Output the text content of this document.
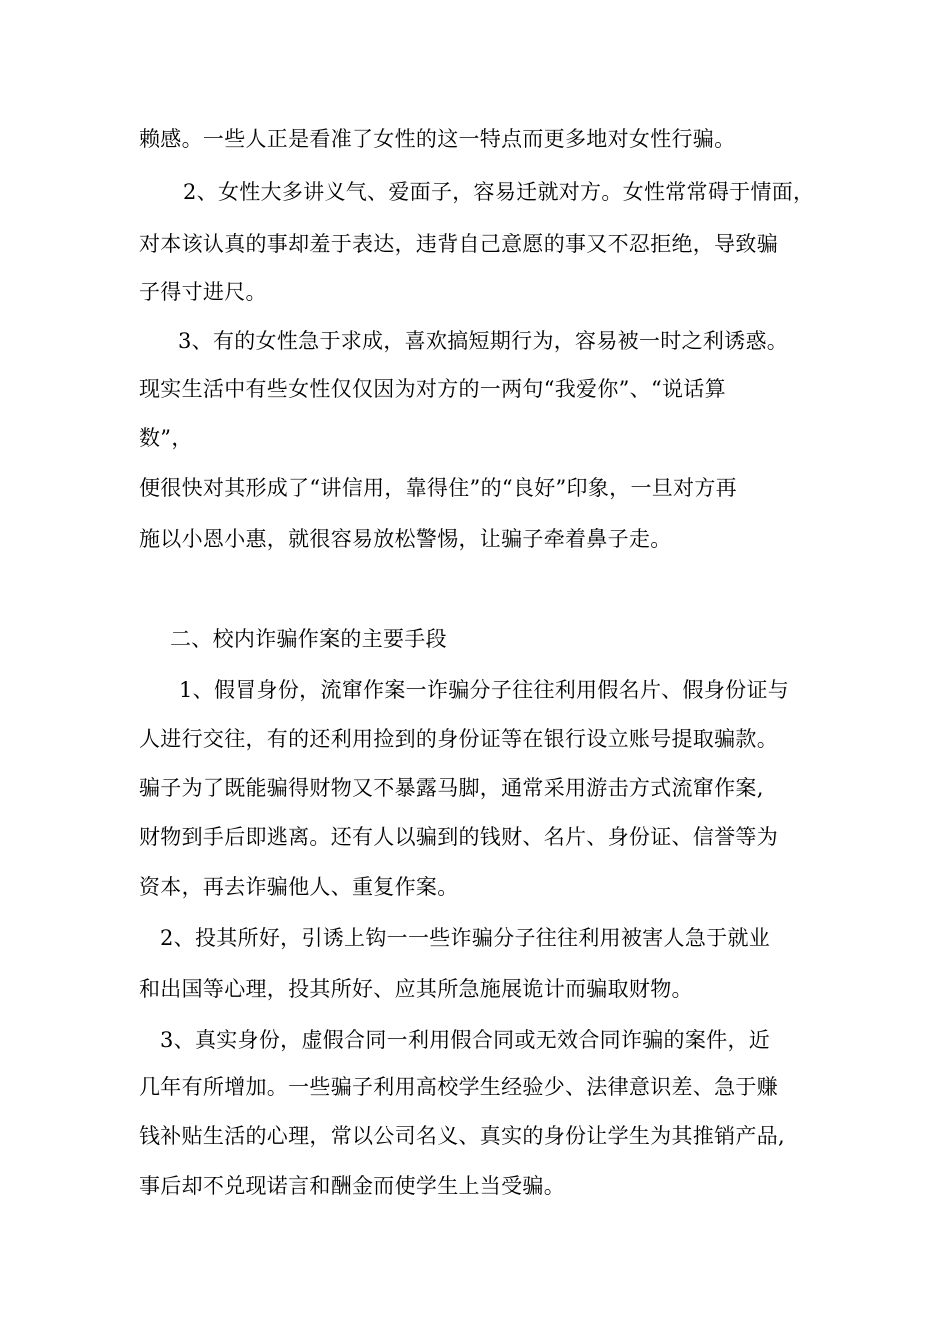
赖感。一些人正是看准了女性的这一特点而更多地对女性行骗。
2、女性大多讲义气、爱面子，容易迁就对方。女性常常碍于情面，
对本该认真的事却羞于表达，违背自己意愿的事又不忍拒绝，导致骗
子得寸进尺。
3、有的女性急于求成，喜欢搞短期行为，容易被一时之利诱惑。
现实生活中有些女性仅仅因为对方的一两句“我爱你”、“说话算
数”，
便很快对其形成了“讲信用，靠得住”的“良好”印象，一旦对方再
施以小恩小惠，就很容易放松警惕，让骗子牵着鼻子走。
二、校内诈骗作案的主要手段
1、假冒身份，流窜作案一诈骗分子往往利用假名片、假身份证与
人进行交往，有的还利用捡到的身份证等在银行设立账号提取骗款。
骗子为了既能骗得财物又不暴露马脚，通常采用游击方式流窜作案,
财物到手后即逃离。还有人以骗到的钱财、名片、身份证、信誉等为
资本，再去诈骗他人、重复作案。
2、投其所好，引诱上钩一一些诈骗分子往往利用被害人急于就业
和出国等心理，投其所好、应其所急施展诡计而骗取财物。
3、真实身份，虚假合同一利用假合同或无效合同诈骗的案件，近
几年有所增加。一些骗子利用高校学生经验少、法律意识差、急于赚
钱补贴生活的心理，常以公司名义、真实的身份让学生为其推销产品,
事后却不兑现诺言和酬金而使学生上当受骗。
